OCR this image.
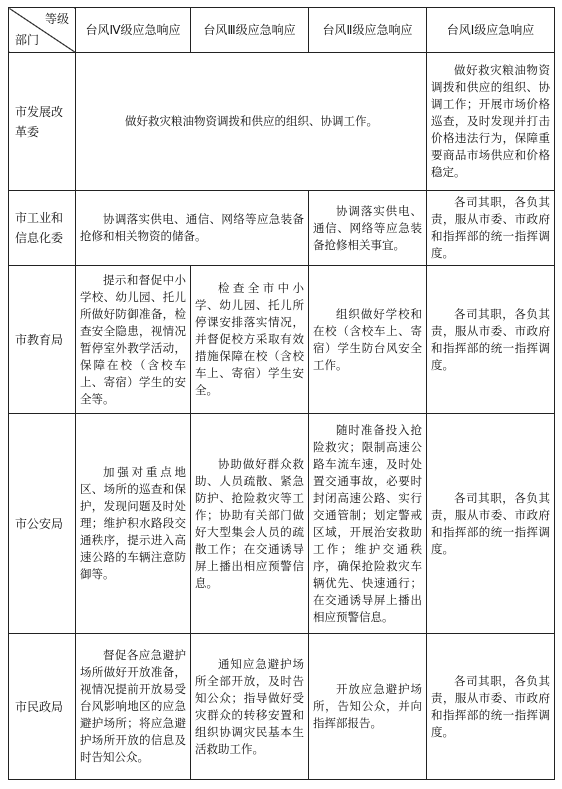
等级
部门	台风Ⅳ级应急响应	台风Ⅲ级应急响应	台风Ⅱ级应急响应	台风Ⅰ级应急响应
市发展改革委	做好救灾粮油物资调拨和供应的组织、协调工作。			做好救灾粮油物资调拨和供应的组织、协调工作；开展市场价格巡查，及时发现并打击价格违法行为，保障重要商品市场供应和价格稳定。
市工业和信息化委	协调落实供电、通信、网络等应急装备抢修和相关物资的储备。		协调落实供电、通信、网络等应急装备抢修相关事宜。	各司其职，各负其责，服从市委、市政府和指挥部的统一指挥调度。
市教育局	提示和督促中小学校、幼儿园、托儿所做好防御准备，检查安全隐患，视情况暂停室外教学活动，保障在校（含校车上、寄宿）学生的安全等。	检查全市中小学、幼儿园、托儿所停课安排落实情况，并督促校方采取有效措施保障在校（含校车上、寄宿）学生安全。	组织做好学校和在校（含校车上、寄宿）学生防台风安全工作。	各司其职，各负其责，服从市委、市政府和指挥部的统一指挥调度。
市公安局	加强对重点地区、场所的巡查和保护，发现问题及时处理；维护积水路段交通秩序，提示进入高速公路的车辆注意防御等。	协助做好群众救助、人员疏散、紧急防护、抢险救灾等工作；协助有关部门做好大型集会人员的疏散工作；在交通诱导屏上播出相应预警信息。	随时准备投入抢险救灾；限制高速公路车流车速，及时处置交通事故，必要时封闭高速公路、实行交通管制；划定警戒区域，开展治安救助工作；维护交通秩序，确保抢险救灾车辆优先、快速通行；在交通诱导屏上播出相应预警信息。	各司其职，各负其责，服从市委、市政府和指挥部的统一指挥调度。
市民政局	督促各应急避护场所做好开放准备，视情况提前开放易受台风影响地区的应急避护场所；将应急避护场所开放的信息及时告知公众。	通知应急避护场所全部开放，及时告知公众；指导做好受灾群众的转移安置和组织协调灾民基本生活救助工作。	开放应急避护场所，告知公众，并向指挥部报告。	各司其职，各负其责，服从市委、市政府和指挥部的统一指挥调度。
